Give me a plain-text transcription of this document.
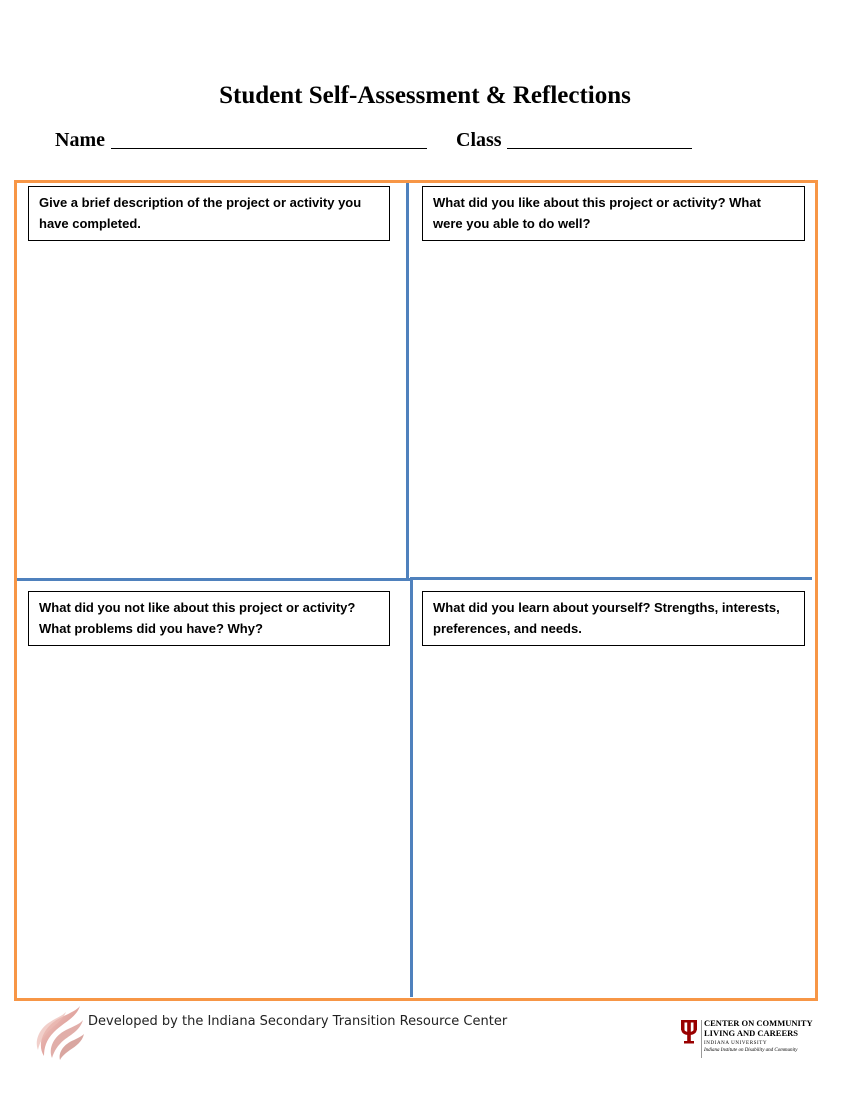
Student Self-Assessment & Reflections
Name	Class
Give a brief description of the project or activity you
have completed.
What did you like about this project or activity? What
were you able to do well?
What did you not like about this project or activity?
What problems did you have? Why?
What did you learn about yourself? Strengths, interests,
preferences, and needs.
Developed by the Indiana Secondary Transition Resource Center	CENTER ON COMMUNITY
LIVING AND CAREERS
INDIANA UNIVERSITY
Indiana Institute on Disability and Community
